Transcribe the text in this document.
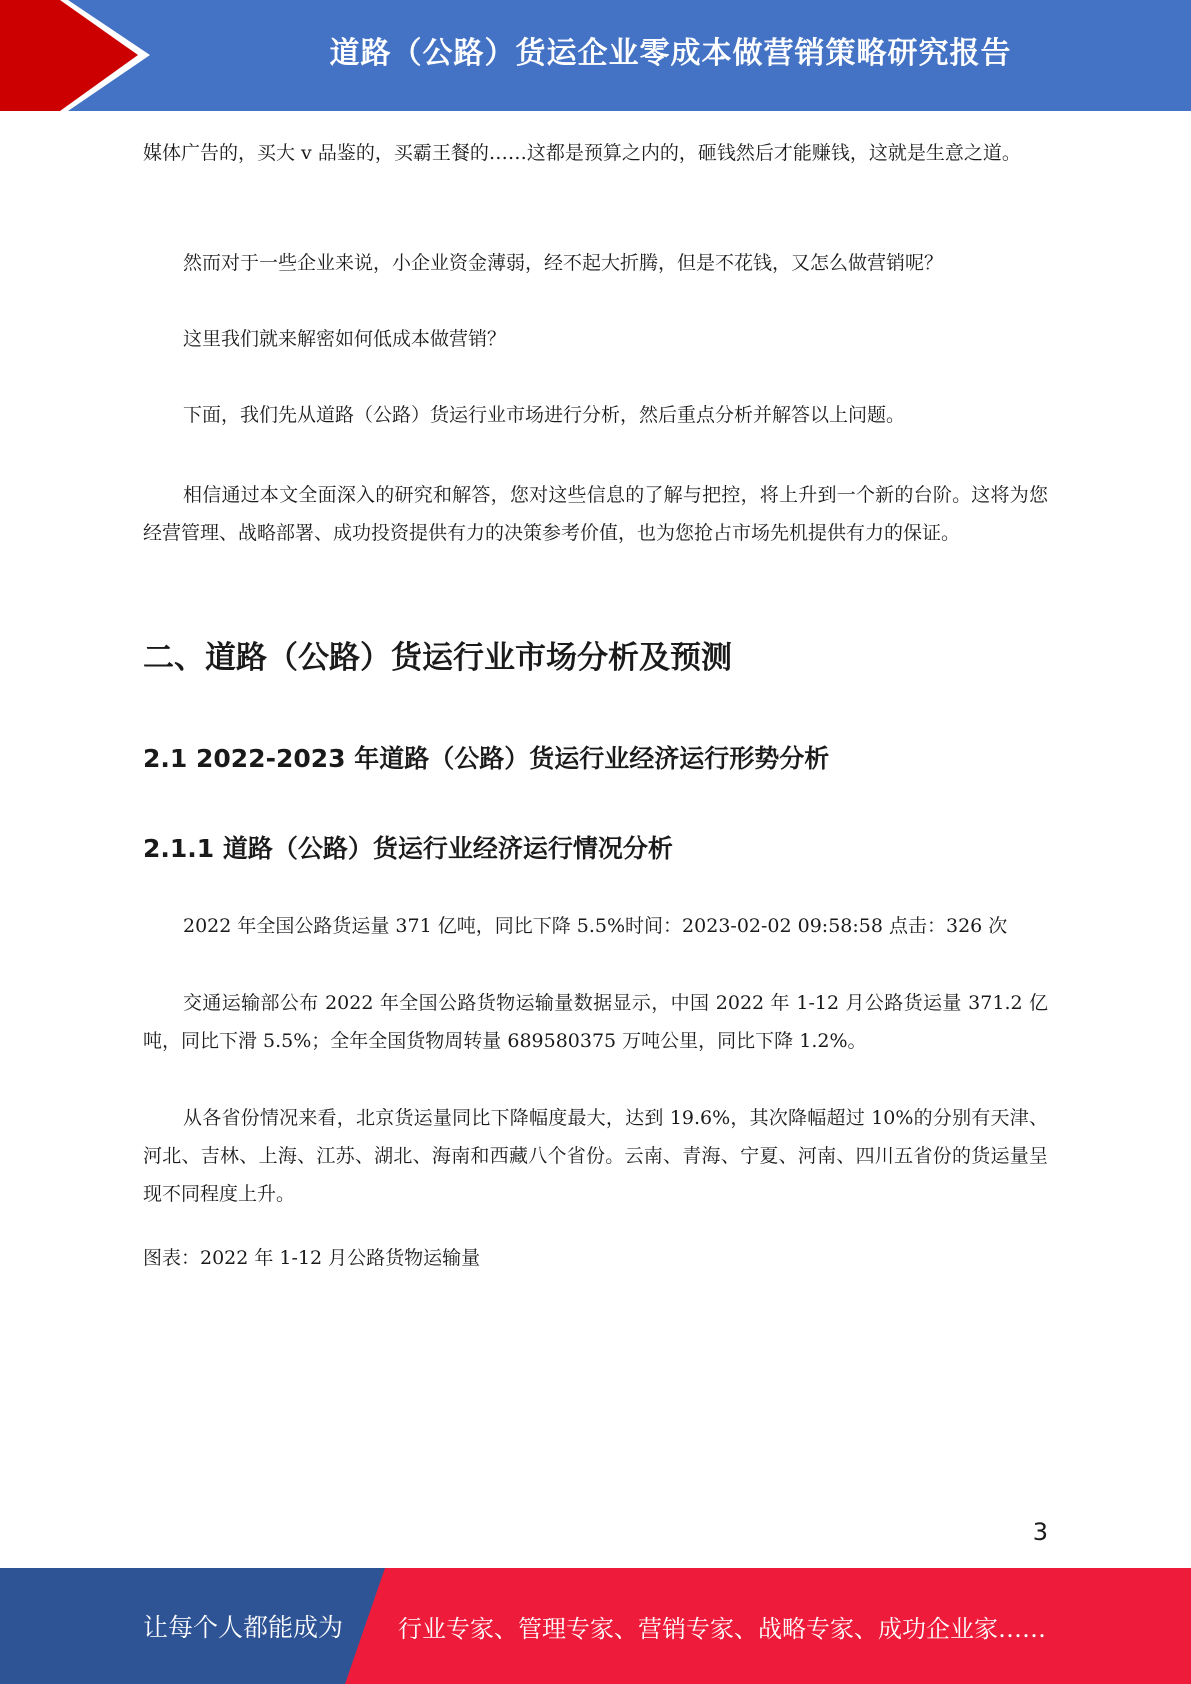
道路（公路）货运企业零成本做营销策略研究报告

媒体广告的，买大 v 品鉴的，买霸王餐的……这都是预算之内的，砸钱然后才能赚钱，这就是生意之道。

然而对于一些企业来说，小企业资金薄弱，经不起大折腾，但是不花钱，又怎么做营销呢？

这里我们就来解密如何低成本做营销？

下面，我们先从道路（公路）货运行业市场进行分析，然后重点分析并解答以上问题。

相信通过本文全面深入的研究和解答，您对这些信息的了解与把控，将上升到一个新的台阶。这将为您经营管理、战略部署、成功投资提供有力的决策参考价值，也为您抢占市场先机提供有力的保证。

二、道路（公路）货运行业市场分析及预测
2.1 2022-2023 年道路（公路）货运行业经济运行形势分析
2.1.1 道路（公路）货运行业经济运行情况分析

2022 年全国公路货运量 371 亿吨，同比下降 5.5%时间：2023-02-02 09:58:58 点击：326 次

交通运输部公布 2022 年全国公路货物运输量数据显示，中国 2022 年 1-12 月公路货运量 371.2 亿吨，同比下滑 5.5%；全年全国货物周转量 689580375 万吨公里，同比下降 1.2%。

从各省份情况来看，北京货运量同比下降幅度最大，达到 19.6%，其次降幅超过 10%的分别有天津、河北、吉林、上海、江苏、湖北、海南和西藏八个省份。云南、青海、宁夏、河南、四川五省份的货运量呈现不同程度上升。

图表：2022 年 1-12 月公路货物运输量

3
让每个人都能成为 行业专家、管理专家、营销专家、战略专家、成功企业家……
